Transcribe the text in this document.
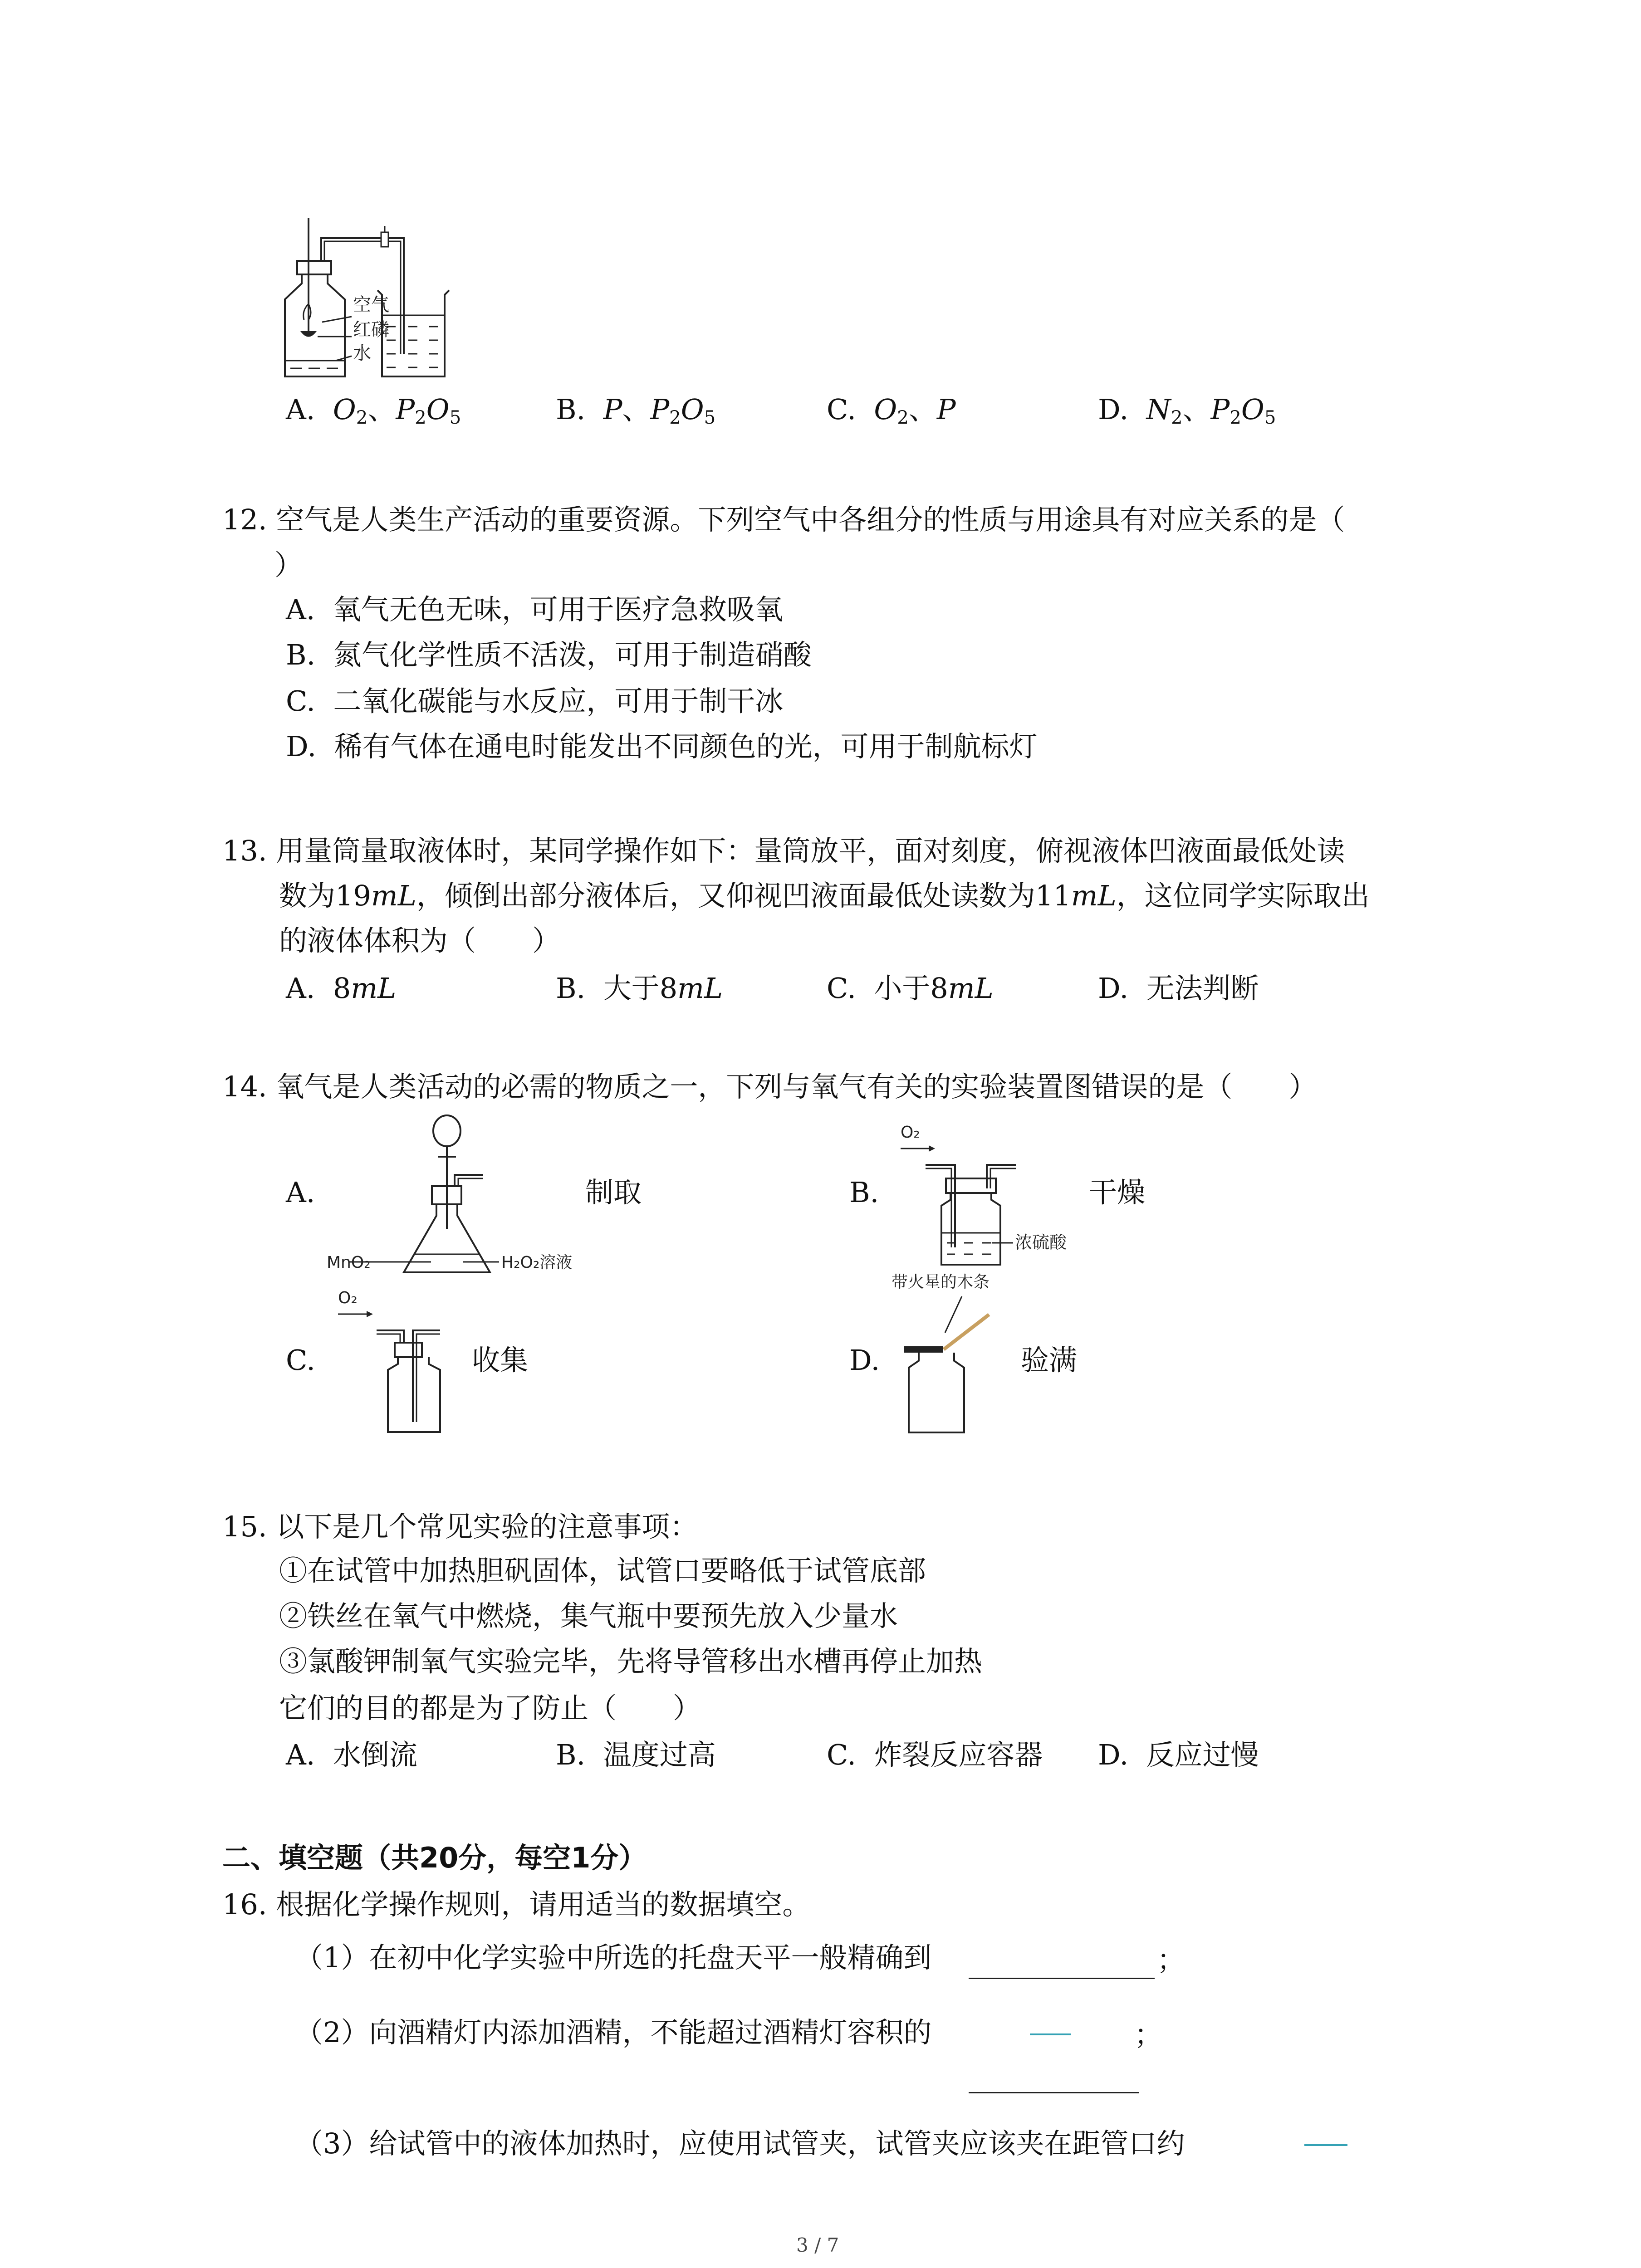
空气
红磷
水
A. $O_2$、$P_2O_5$	B. P、$P_2O_5$	C. $O_2$、P	D. $N_2$、$P_2O_5$
12. 空气是人类生产活动的重要资源。下列空气中各组分的性质与用途具有对应关系的是（
）
A. 氧气无色无味，可用于医疗急救吸氧
B. 氮气化学性质不活泼，可用于制造硝酸
C. 二氧化碳能与水反应，可用于制干冰
D. 稀有气体在通电时能发出不同颜色的光，可用于制航标灯
13. 用量筒量取液体时，某同学操作如下：量筒放平，面对刻度，俯视液体凹液面最低处读
数为19mL，倾倒出部分液体后，又仰视凹液面最低处读数为11mL，这位同学实际取出
的液体体积为（　　）
A. 8mL	B. 大于8mL	C. 小于8mL	D. 无法判断
14. 氧气是人类活动的必需的物质之一，下列与氧气有关的实验装置图错误的是（　　）
A.
MnO₂	H₂O₂溶液
制取	B.
O₂
浓硫酸
干燥
C.
O₂
收集	D.
带火星的木条
验满
15. 以下是几个常见实验的注意事项：
①在试管中加热胆矾固体，试管口要略低于试管底部
②铁丝在氧气中燃烧，集气瓶中要预先放入少量水
③氯酸钾制氧气实验完毕，先将导管移出水槽再停止加热
它们的目的都是为了防止（　　）
A. 水倒流	B. 温度过高	C. 炸裂反应容器 D. 反应过慢
二、填空题（共20分，每空1分）
16. 根据化学操作规则，请用适当的数据填空。
（1）在初中化学实验中所选的托盘天平一般精确到	；
（2）向酒精灯内添加酒精，不能超过酒精灯容积的	；
（3）给试管中的液体加热时，应使用试管夹，试管夹应该夹在距管口约
3 / 7
